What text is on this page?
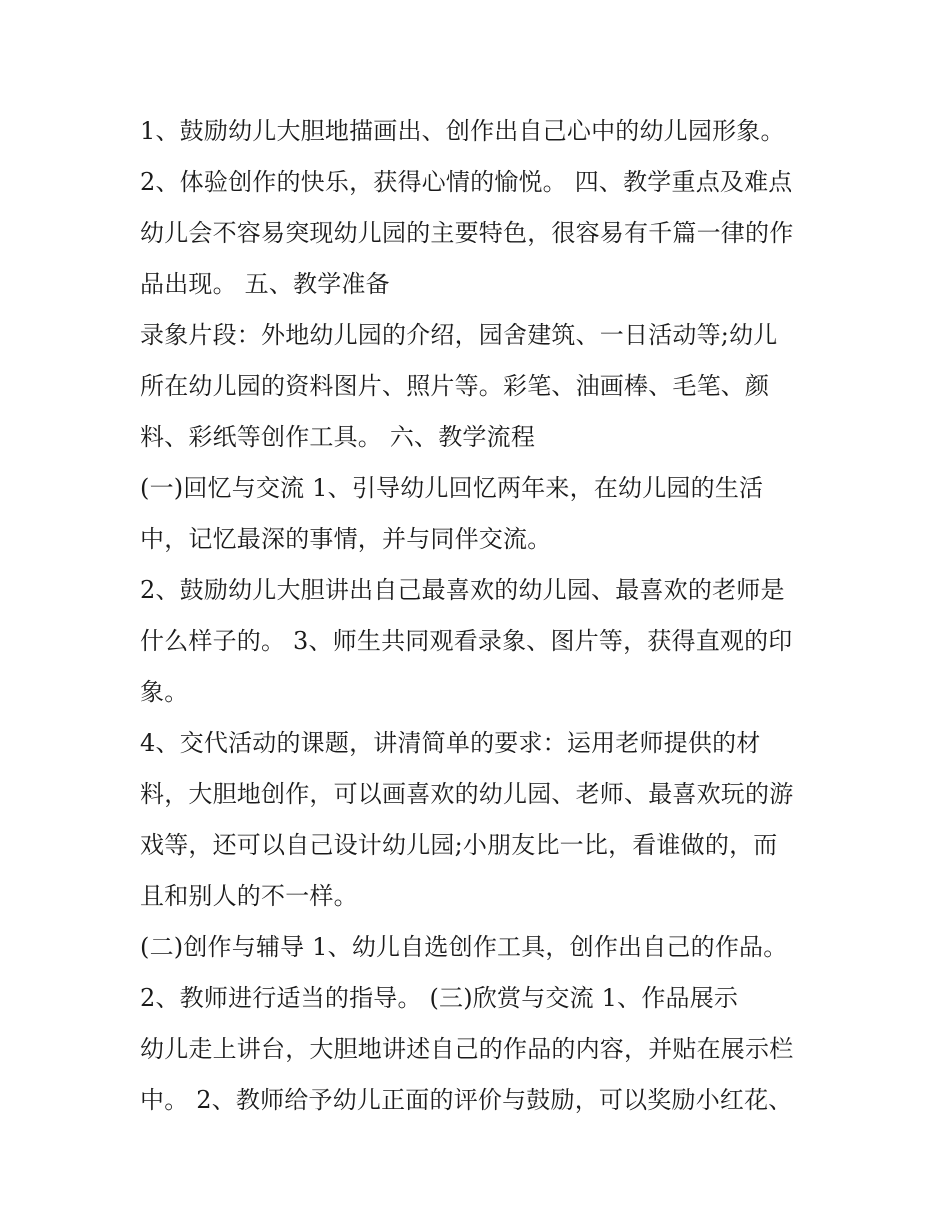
1、鼓励幼儿大胆地描画出、创作出自己心中的幼儿园形象。
2、体验创作的快乐，获得心情的愉悦。 四、教学重点及难点
幼儿会不容易突现幼儿园的主要特色，很容易有千篇一律的作
品出现。 五、教学准备
录象片段：外地幼儿园的介绍，园舍建筑、一日活动等;幼儿
所在幼儿园的资料图片、照片等。彩笔、油画棒、毛笔、颜
料、彩纸等创作工具。 六、教学流程
(一)回忆与交流 1、引导幼儿回忆两年来，在幼儿园的生活
中，记忆最深的事情，并与同伴交流。
2、鼓励幼儿大胆讲出自己最喜欢的幼儿园、最喜欢的老师是
什么样子的。 3、师生共同观看录象、图片等，获得直观的印
象。
4、交代活动的课题，讲清简单的要求：运用老师提供的材
料，大胆地创作，可以画喜欢的幼儿园、老师、最喜欢玩的游
戏等，还可以自己设计幼儿园;小朋友比一比，看谁做的，而
且和别人的不一样。
(二)创作与辅导 1、幼儿自选创作工具，创作出自己的作品。
2、教师进行适当的指导。 (三)欣赏与交流 1、作品展示
幼儿走上讲台，大胆地讲述自己的作品的内容，并贴在展示栏
中。 2、教师给予幼儿正面的评价与鼓励，可以奖励小红花、
